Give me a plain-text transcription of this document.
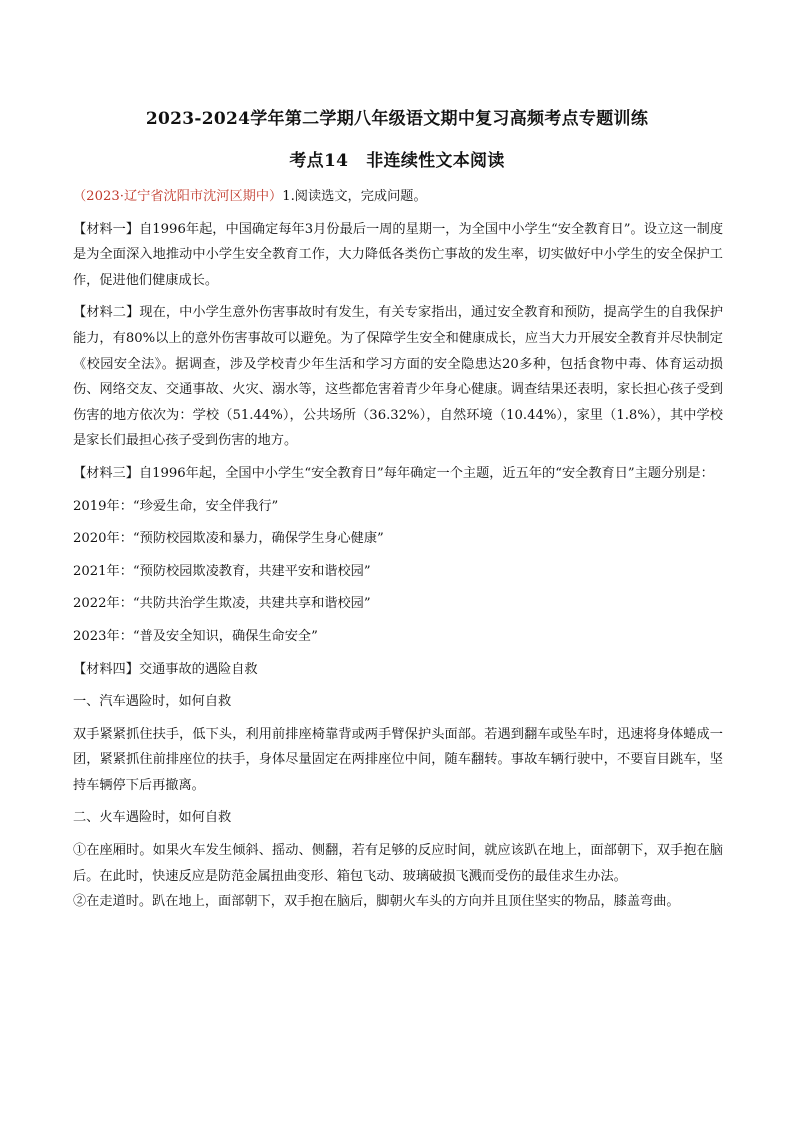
2023-2024学年第二学期八年级语文期中复习高频考点专题训练
考点14 非连续性文本阅读

（2023·辽宁省沈阳市沈河区期中）1.阅读选文，完成问题。

【材料一】自1996年起，中国确定每年3月份最后一周的星期一，为全国中小学生“安全教育日”。设立这一制度是为全面深入地推动中小学生安全教育工作，大力降低各类伤亡事故的发生率，切实做好中小学生的安全保护工作，促进他们健康成长。

【材料二】现在，中小学生意外伤害事故时有发生，有关专家指出，通过安全教育和预防，提高学生的自我保护能力，有80%以上的意外伤害事故可以避免。为了保障学生安全和健康成长，应当大力开展安全教育并尽快制定《校园安全法》。据调查，涉及学校青少年生活和学习方面的安全隐患达20多种，包括食物中毒、体育运动损伤、网络交友、交通事故、火灾、溺水等，这些都危害着青少年身心健康。调查结果还表明，家长担心孩子受到伤害的地方依次为：学校（51.44%），公共场所（36.32%），自然环境（10.44%），家里（1.8%），其中学校是家长们最担心孩子受到伤害的地方。

【材料三】自1996年起，全国中小学生“安全教育日”每年确定一个主题，近五年的“安全教育日”主题分别是：

2019年：“珍爱生命，安全伴我行”

2020年：“预防校园欺凌和暴力，确保学生身心健康”

2021年：“预防校园欺凌教育，共建平安和谐校园”

2022年：“共防共治学生欺凌，共建共享和谐校园”

2023年：“普及安全知识，确保生命安全”

【材料四】交通事故的遇险自救

一、汽车遇险时，如何自救

双手紧紧抓住扶手，低下头，利用前排座椅靠背或两手臂保护头面部。若遇到翻车或坠车时，迅速将身体蜷成一团，紧紧抓住前排座位的扶手，身体尽量固定在两排座位中间，随车翻转。事故车辆行驶中，不要盲目跳车，坚持车辆停下后再撤离。

二、火车遇险时，如何自救

①在座厢时。如果火车发生倾斜、摇动、侧翻，若有足够的反应时间，就应该趴在地上，面部朝下，双手抱在脑后。在此时，快速反应是防范金属扭曲变形、箱包飞动、玻璃破损飞溅而受伤的最佳求生办法。

②在走道时。趴在地上，面部朝下，双手抱在脑后，脚朝火车头的方向并且顶住坚实的物品，膝盖弯曲。
